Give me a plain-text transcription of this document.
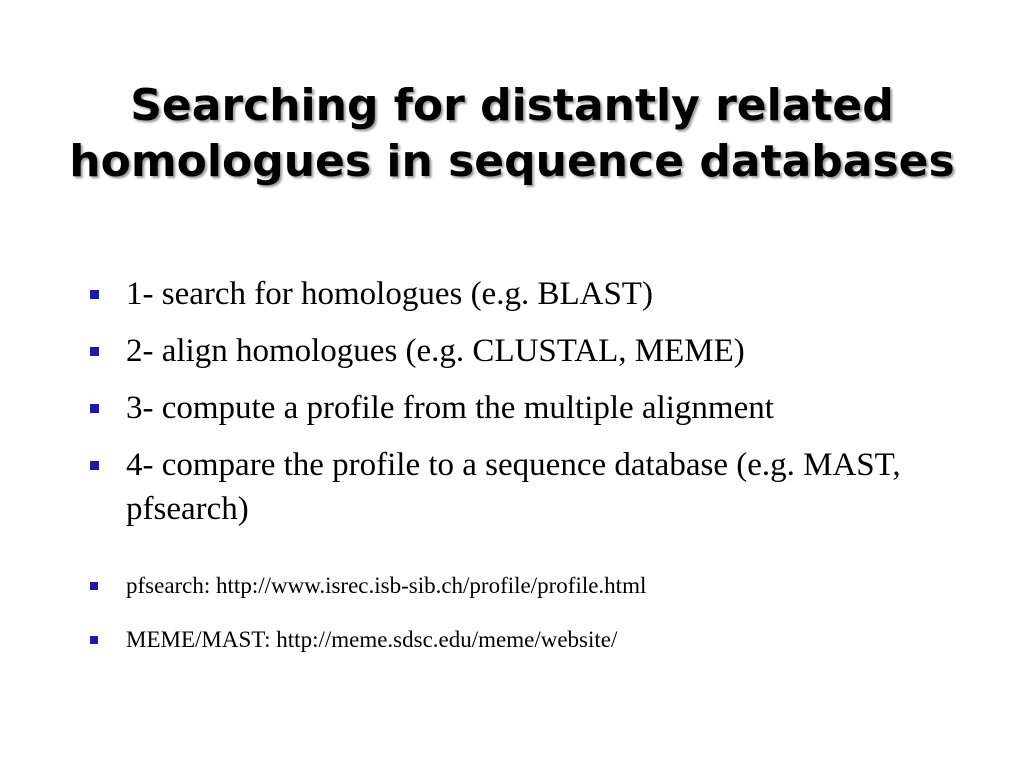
Searching for distantly related
homologues in sequence databases
1- search for homologues (e.g. BLAST)
2- align homologues (e.g. CLUSTAL, MEME)
3- compute a profile from the multiple alignment
4- compare the profile to a sequence database (e.g. MAST, pfsearch)
pfsearch: http://www.isrec.isb-sib.ch/profile/profile.html
MEME/MAST: http://meme.sdsc.edu/meme/website/
